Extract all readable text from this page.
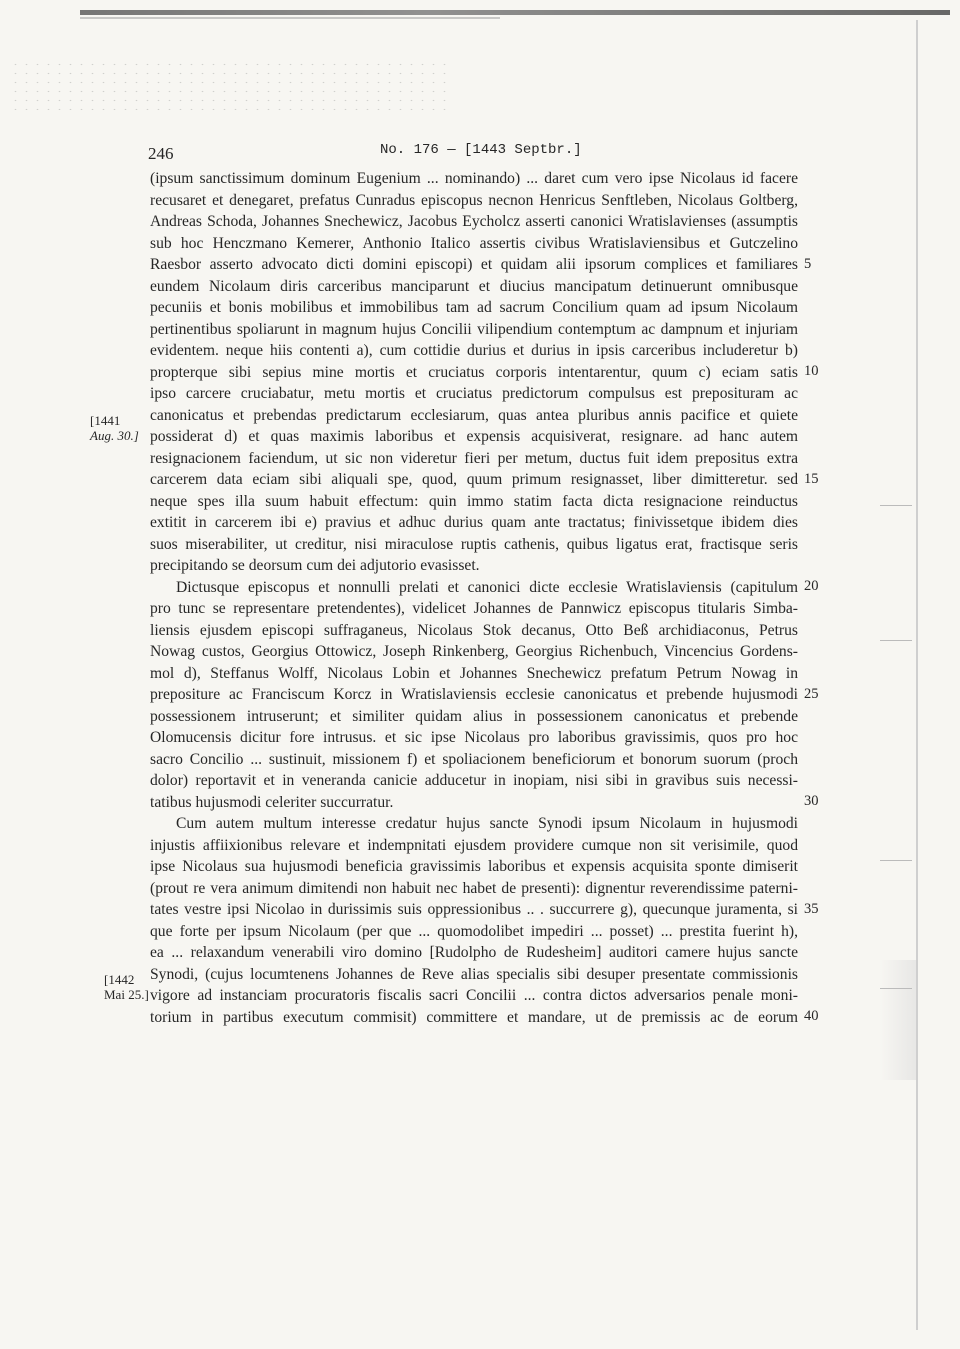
246	No. 176 — [1443 Septbr.]
[1441
Aug. 30.]
[1442
Mai 25.]
5
10
15
20
25
30
35
40
(ipsum sanctissimum dominum Eugenium ... nominando) ... daret cum vero ipse Nicolaus id facere
recusaret et denegaret, prefatus Cunradus episcopus necnon Henricus Senftleben, Nicolaus Goltberg,
Andreas Schoda, Johannes Snechewicz, Jacobus Eycholcz asserti canonici Wratislavienses (assumptis
sub hoc Henczmano Kemerer, Anthonio Italico assertis civibus Wratislaviensibus et Gutczelino
Raesbor asserto advocato dicti domini episcopi) et quidam alii ipsorum complices et familiares
eundem Nicolaum diris carceribus manciparunt et diucius mancipatum detinuerunt omnibusque
pecuniis et bonis mobilibus et immobilibus tam ad sacrum Concilium quam ad ipsum Nicolaum
pertinentibus spoliarunt in magnum hujus Concilii vilipendium contemptum ac dampnum et injuriam
evidentem. neque hiis contenti a), cum cottidie durius et durius in ipsis carceribus includeretur b)
propterque sibi sepius mine mortis et cruciatus corporis intentarentur, quum c) eciam satis
ipso carcere cruciabatur, metu mortis et cruciatus predictorum compulsus est preposituram ac
canonicatus et prebendas predictarum ecclesiarum, quas antea pluribus annis pacifice et quiete
possiderat d) et quas maximis laboribus et expensis acquisiverat, resignare. ad hanc autem
resignacionem faciendum, ut sic non videretur fieri per metum, ductus fuit idem prepositus extra
carcerem data eciam sibi aliquali spe, quod, quum primum resignasset, liber dimitteretur. sed
neque spes illa suum habuit effectum: quin immo statim facta dicta resignacione reinductus
extitit in carcerem ibi e) pravius et adhuc durius quam ante tractatus; finivissetque ibidem dies
suos miserabiliter, ut creditur, nisi miraculose ruptis cathenis, quibus ligatus erat, fractisque seris
precipitando se deorsum cum dei adjutorio evasisset.
Dictusque episcopus et nonnulli prelati et canonici dicte ecclesie Wratislaviensis (capitulum
pro tunc se representare pretendentes), videlicet Johannes de Pannwicz episcopus titularis Simba-
liensis ejusdem episcopi suffraganeus, Nicolaus Stok decanus, Otto Beß archidiaconus, Petrus
Nowag custos, Georgius Ottowicz, Joseph Rinkenberg, Georgius Richenbuch, Vincencius Gordens-
mol d), Steffanus Wolff, Nicolaus Lobin et Johannes Snechewicz prefatum Petrum Nowag in
prepositure ac Franciscum Korcz in Wratislaviensis ecclesie canonicatus et prebende hujusmodi
possessionem intruserunt; et similiter quidam alius in possessionem canonicatus et prebende
Olomucensis dicitur fore intrusus. et sic ipse Nicolaus pro laboribus gravissimis, quos pro hoc
sacro Concilio ... sustinuit, missionem f) et spoliacionem beneficiorum et bonorum suorum (proch
dolor) reportavit et in veneranda canicie adducetur in inopiam, nisi sibi in gravibus suis necessi-
tatibus hujusmodi celeriter succurratur.
Cum autem multum interesse credatur hujus sancte Synodi ipsum Nicolaum in hujusmodi
injustis affiixionibus relevare et indempnitati ejusdem providere cumque non sit verisimile, quod
ipse Nicolaus sua hujusmodi beneficia gravissimis laboribus et expensis acquisita sponte dimiserit
(prout re vera animum dimitendi non habuit nec habet de presenti): dignentur reverendissime paterni-
tates vestre ipsi Nicolao in durissimis suis oppressionibus .. . succurrere g), quecunque juramenta, si
que forte per ipsum Nicolaum (per que ... quomodolibet impediri ... posset) ... prestita fuerint h),
ea ... relaxandum venerabili viro domino [Rudolpho de Rudesheim] auditori camere hujus sancte
Synodi, (cujus locumtenens Johannes de Reve alias specialis sibi desuper presentate commissionis
vigore ad instanciam procuratoris fiscalis sacri Concilii ... contra dictos adversarios penale moni-
torium in partibus executum commisit) committere et mandare, ut de premissis ac de eorum
